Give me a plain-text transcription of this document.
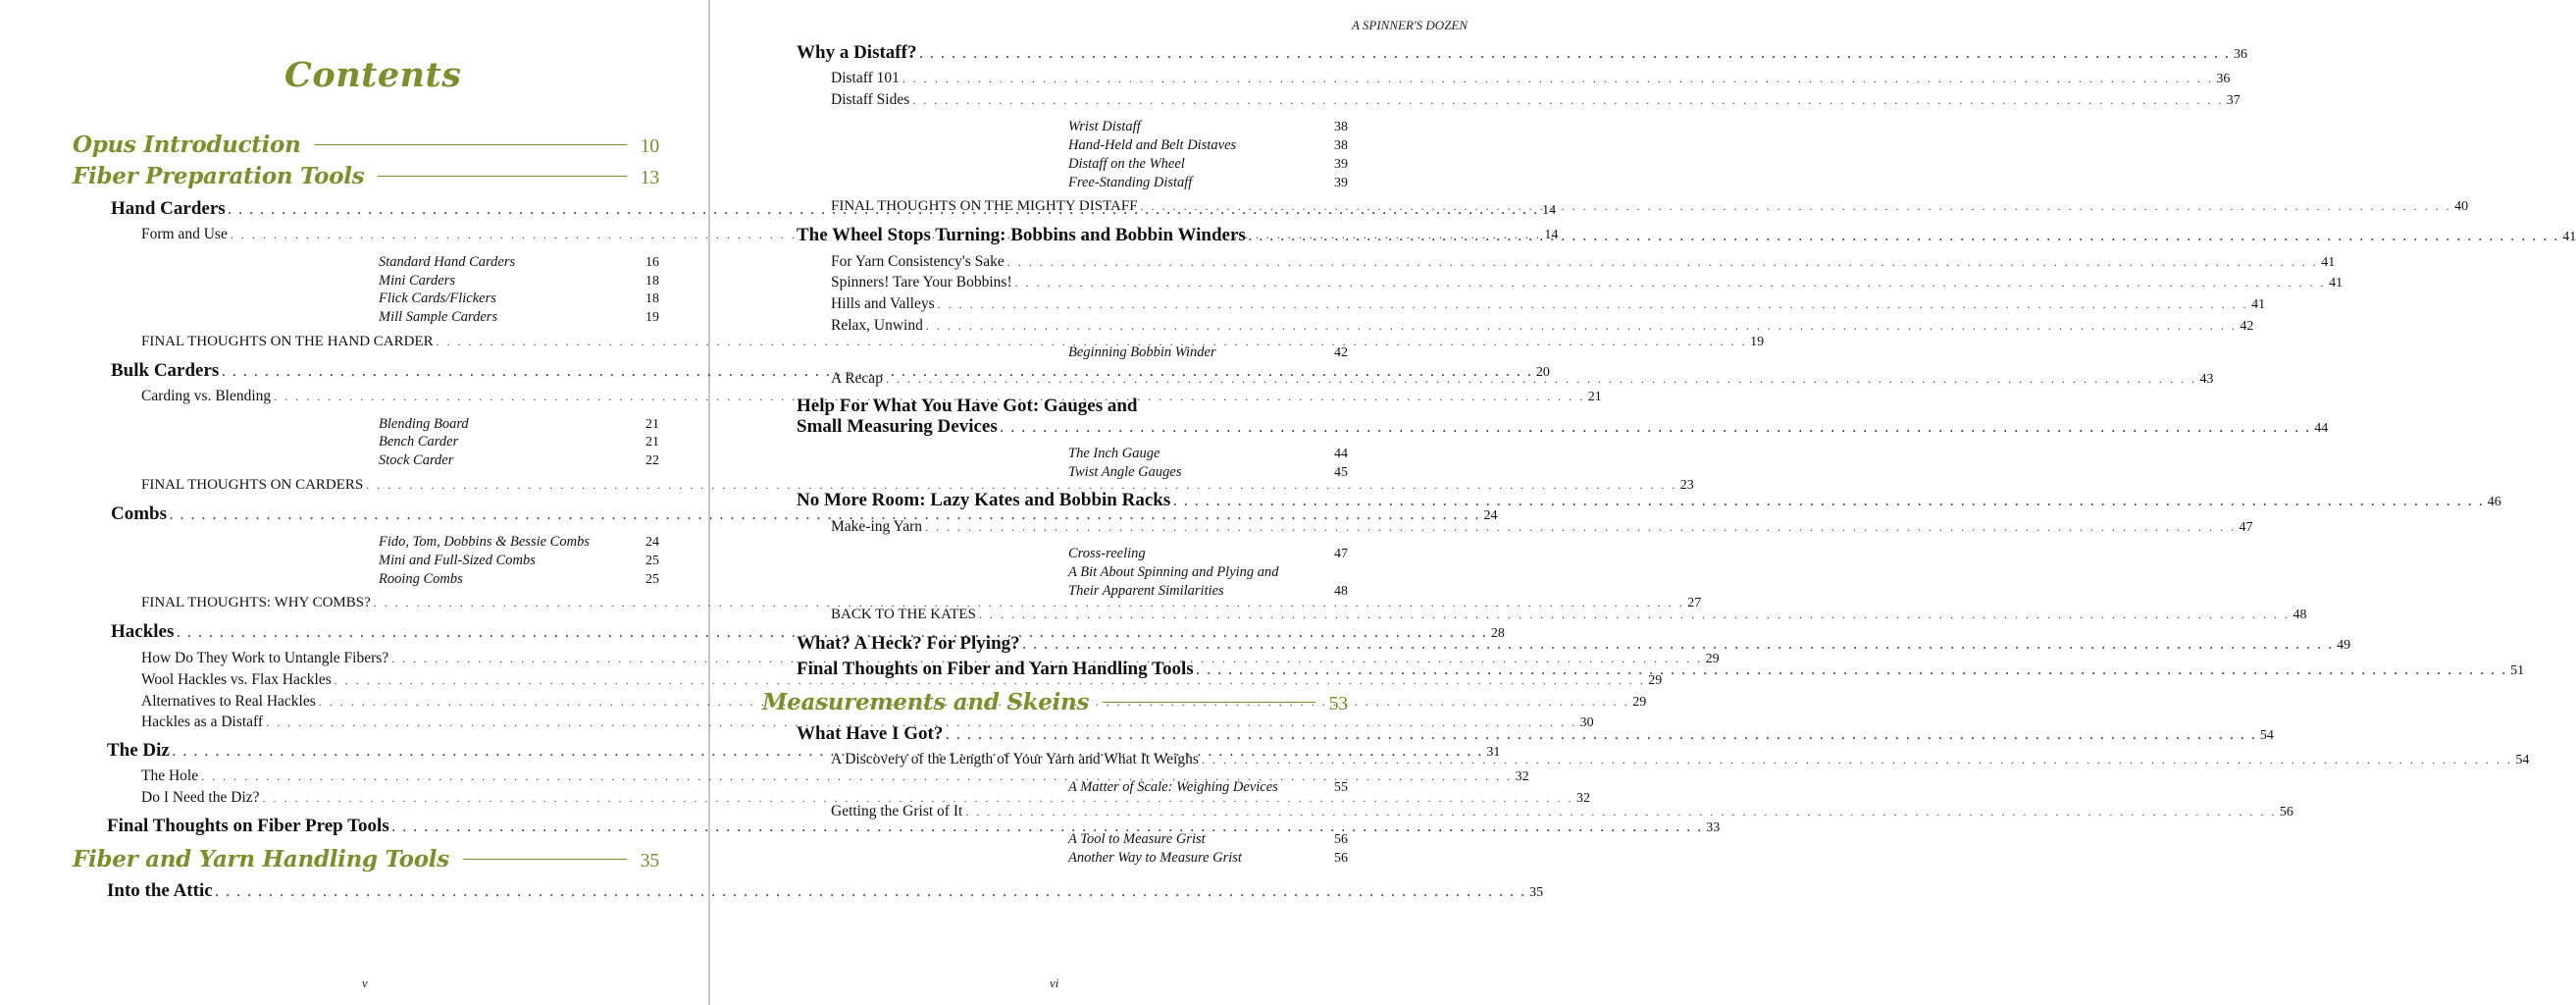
Contents
Opus Introduction	10
Fiber Preparation Tools	13
Hand Carders . . .	14
Form and Use . . .	14
Standard Hand Carders	16
Mini Carders	18
Flick Cards/Flickers	18
Mill Sample Carders	19
FINAL THOUGHTS ON THE HAND CARDER . . .	19
Bulk Carders . . .	20
Carding vs. Blending . . .	21
Blending Board	21
Bench Carder	21
Stock Carder	22
FINAL THOUGHTS ON CARDERS . . .	23
Combs . . .	24
Fido, Tom, Dobbins & Bessie Combs	24
Mini and Full-Sized Combs	25
Rooing Combs	25
FINAL THOUGHTS: WHY COMBS? . . .	27
Hackles . . .	28
How Do They Work to Untangle Fibers? . . .	29
Wool Hackles vs. Flax Hackles . . .	29
Alternatives to Real Hackles . . .	29
Hackles as a Distaff . . .	30
The Diz . . .	31
The Hole . . .	32
Do I Need the Diz? . . .	32
Final Thoughts on Fiber Prep Tools . . .	33
Fiber and Yarn Handling Tools	35
Into the Attic . . .	35
v
A SPINNER'S DOZEN
Why a Distaff? . . .	36
Distaff 101 . . .	36
Distaff Sides . . .	37
Wrist Distaff	38
Hand-Held and Belt Distaves	38
Distaff on the Wheel	39
Free-Standing Distaff	39
FINAL THOUGHTS ON THE MIGHTY DISTAFF . . .	40
The Wheel Stops Turning: Bobbins and Bobbin Winders . . .	41
For Yarn Consistency's Sake . . .	41
Spinners! Tare Your Bobbins! . . .	41
Hills and Valleys . . .	41
Relax, Unwind . . .	42
Beginning Bobbin Winder	42
A Recap . . .	43
Help For What You Have Got: Gauges and
Small Measuring Devices . . .	44
The Inch Gauge	44
Twist Angle Gauges	45
No More Room: Lazy Kates and Bobbin Racks . . .	46
Make-ing Yarn . . .	47
Cross-reeling	47
A Bit About Spinning and Plying and
Their Apparent Similarities	48
BACK TO THE KATES . . .	48
What? A Heck? For Plying? . . .	49
Final Thoughts on Fiber and Yarn Handling Tools . . .	51
Measurements and Skeins	53
What Have I Got? . . .	54
A Discovery of the Length of Your Yarn and What It Weighs . . .	54
A Matter of Scale: Weighing Devices	55
Getting the Grist of It . . .	56
A Tool to Measure Grist	56
Another Way to Measure Grist	56
vi
